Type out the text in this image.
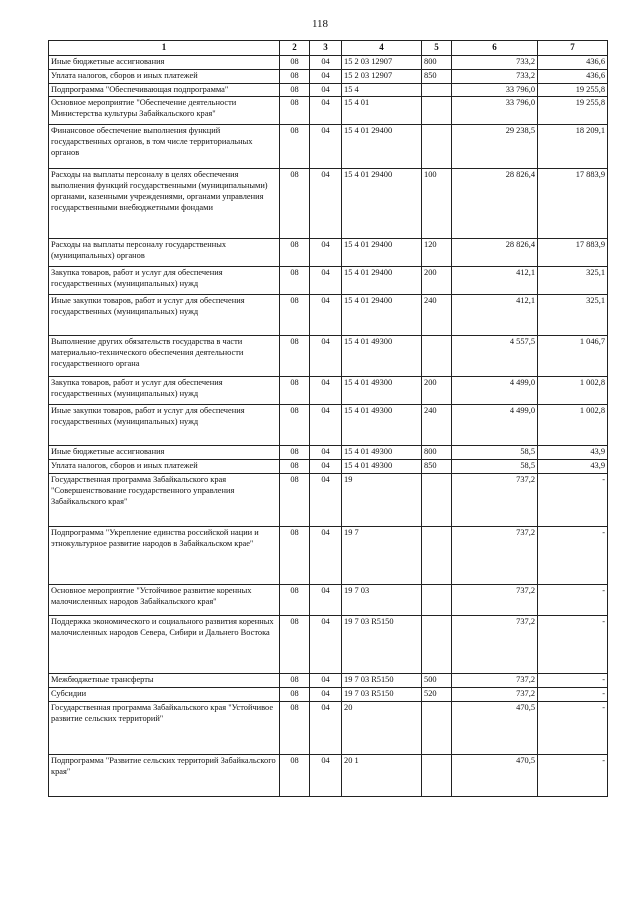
118
1	2	3	4	5	6	7
Иные бюджетные ассигнования	08	04	15 2 03 12907	800	733,2	436,6
Уплата налогов, сборов и иных платежей	08	04	15 2 03 12907	850	733,2	436,6
Подпрограмма "Обеспечивающая подпрограмма"	08	04	15 4		33 796,0	19 255,8
Основное мероприятие "Обеспечение деятельности Министерства культуры Забайкальского края"	08	04	15 4 01		33 796,0	19 255,8
Финансовое обеспечение выполнения функций государственных органов, в том числе территориальных органов	08	04	15 4 01 29400		29 238,5	18 209,1
Расходы на выплаты персоналу в целях обеспечения выполнения функций государственными (муниципальными) органами, казенными учреждениями, органами управления государственными внебюджетными фондами	08	04	15 4 01 29400	100	28 826,4	17 883,9
Расходы на выплаты персоналу государственных (муниципальных) органов	08	04	15 4 01 29400	120	28 826,4	17 883,9
Закупка товаров, работ и услуг для обеспечения государственных (муниципальных) нужд	08	04	15 4 01 29400	200	412,1	325,1
Иные закупки товаров, работ и услуг для обеспечения государственных (муниципальных) нужд	08	04	15 4 01 29400	240	412,1	325,1
Выполнение других обязательств государства в части материально-технического обеспечения деятельности государственного органа	08	04	15 4 01 49300		4 557,5	1 046,7
Закупка товаров, работ и услуг для обеспечения государственных (муниципальных) нужд	08	04	15 4 01 49300	200	4 499,0	1 002,8
Иные закупки товаров, работ и услуг для обеспечения государственных (муниципальных) нужд	08	04	15 4 01 49300	240	4 499,0	1 002,8
Иные бюджетные ассигнования	08	04	15 4 01 49300	800	58,5	43,9
Уплата налогов, сборов и иных платежей	08	04	15 4 01 49300	850	58,5	43,9
Государственная программа Забайкальского края "Совершенствование государственного управления Забайкальского края"	08	04	19		737,2	-
Подпрограмма "Укрепление единства российской нации и этнокультурное развитие народов в Забайкальском крае"	08	04	19 7		737,2	-
Основное мероприятие "Устойчивое развитие коренных малочисленных народов Забайкальского края"	08	04	19 7 03		737,2	-
Поддержка экономического и социального развития коренных малочисленных народов Севера, Сибири и Дальнего Востока	08	04	19 7 03 R5150		737,2	-
Межбюджетные трансферты	08	04	19 7 03 R5150	500	737,2	-
Субсидии	08	04	19 7 03 R5150	520	737,2	-
Государственная программа Забайкальского края "Устойчивое развитие сельских территорий"	08	04	20		470,5	-
Подпрограмма "Развитие сельских территорий Забайкальского края"	08	04	20 1		470,5	-
